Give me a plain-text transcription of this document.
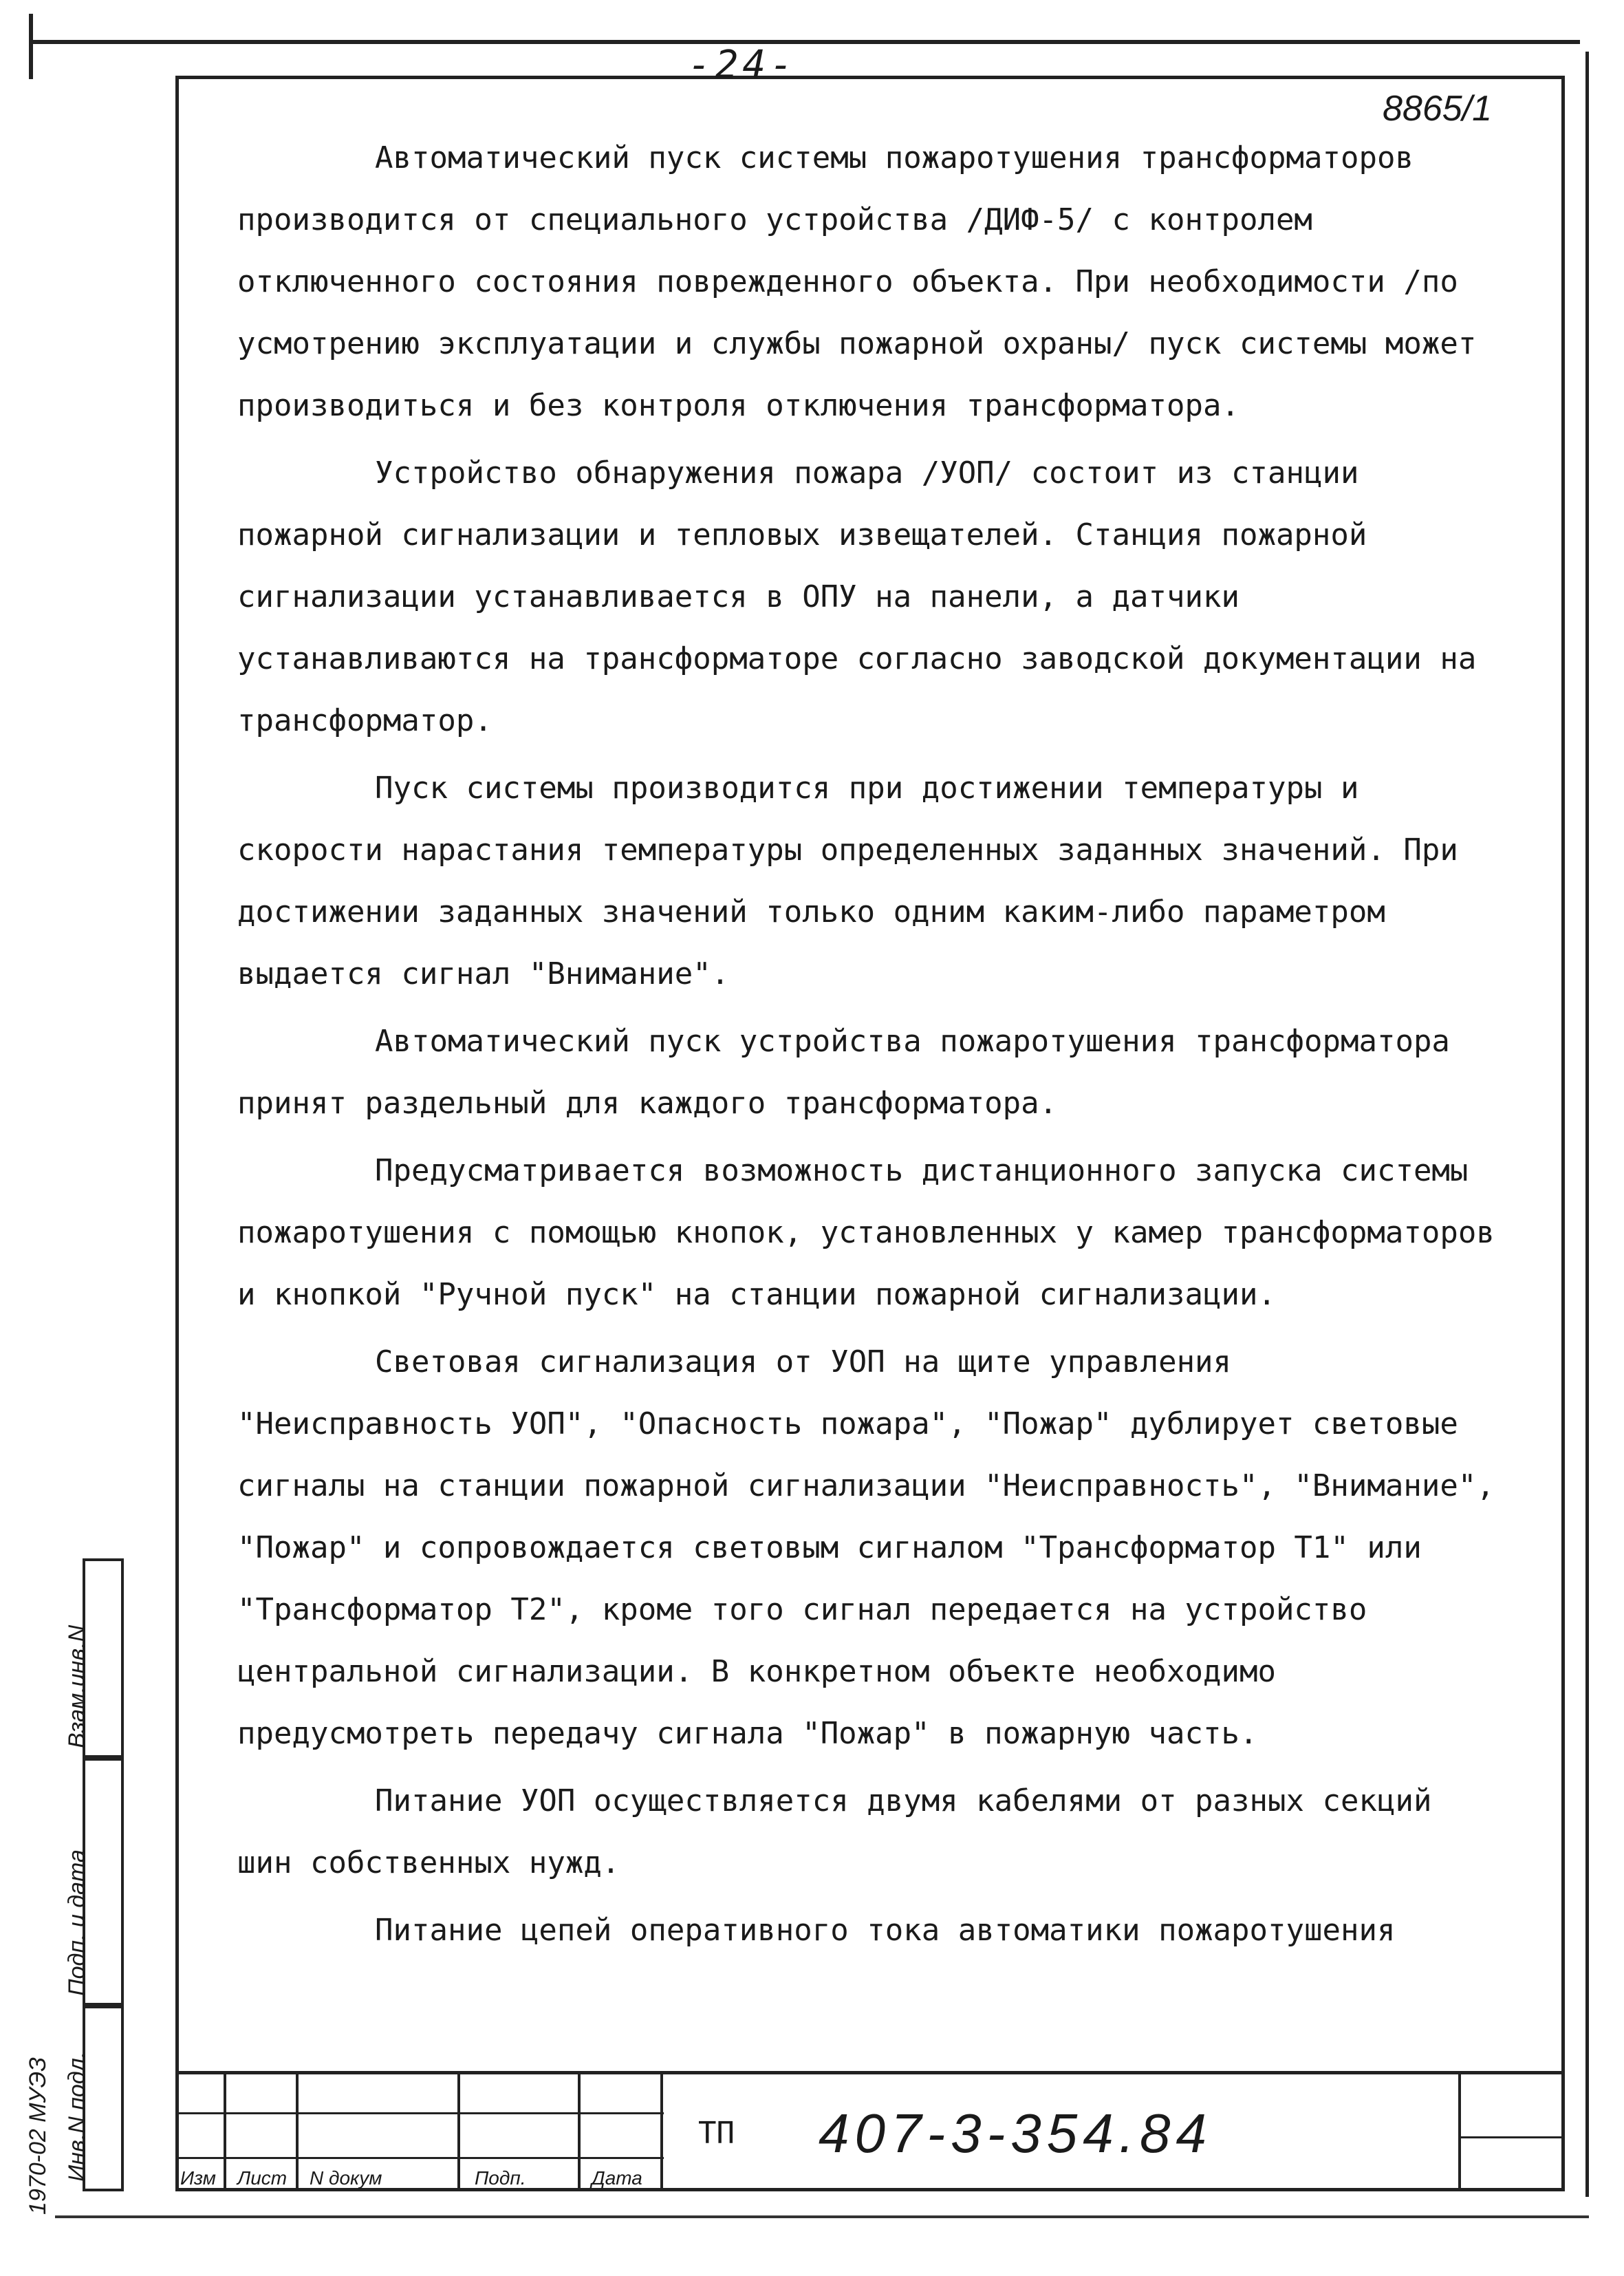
-24-
8865/1

Автоматический пуск системы пожаротушения трансформаторов производится от специального устройства /ДИФ-5/ с контролем отключенного состояния поврежденного объекта. При необходимости /по усмотрению эксплуатации и службы пожарной охраны/ пуск системы может производиться и без контроля отключения трансформатора.

Устройство обнаружения пожара /УОП/ состоит из станции пожарной сигнализации и тепловых извещателей. Станция пожарной сигнализации устанавливается в ОПУ на панели, а датчики устанавливаются на трансформаторе согласно заводской документации на трансформатор.

Пуск системы производится при достижении температуры и скорости нарастания температуры определенных заданных значений. При достижении заданных значений только одним каким-либо параметром выдается сигнал "Внимание".

Автоматический пуск устройства пожаротушения трансформатора принят раздельный для каждого трансформатора.

Предусматривается возможность дистанционного запуска системы пожаротушения с помощью кнопок, установленных у камер трансформаторов и кнопкой "Ручной пуск" на станции пожарной сигнализации.

Световая сигнализация от УОП на щите управления "Неисправность УОП", "Опасность пожара", "Пожар" дублирует световые сигналы на станции пожарной сигнализации "Неисправность", "Внимание", "Пожар" и сопровождается световым сигналом "Трансформатор Т1" или "Трансформатор Т2", кроме того сигнал передается на устройство центральной сигнализации. В конкретном объекте необходимо предусмотреть передачу сигнала "Пожар" в пожарную часть.

Питание УОП осуществляется двумя кабелями от разных секций шин собственных нужд.

Питание цепей оперативного тока автоматики пожаротушения

ТП 407-3-354.84
Изм Лист N докум	Подп.	Дата
Инв.N подл.
Подп. и дата
Взам.инв.N
1970-02 МУЭЗ
